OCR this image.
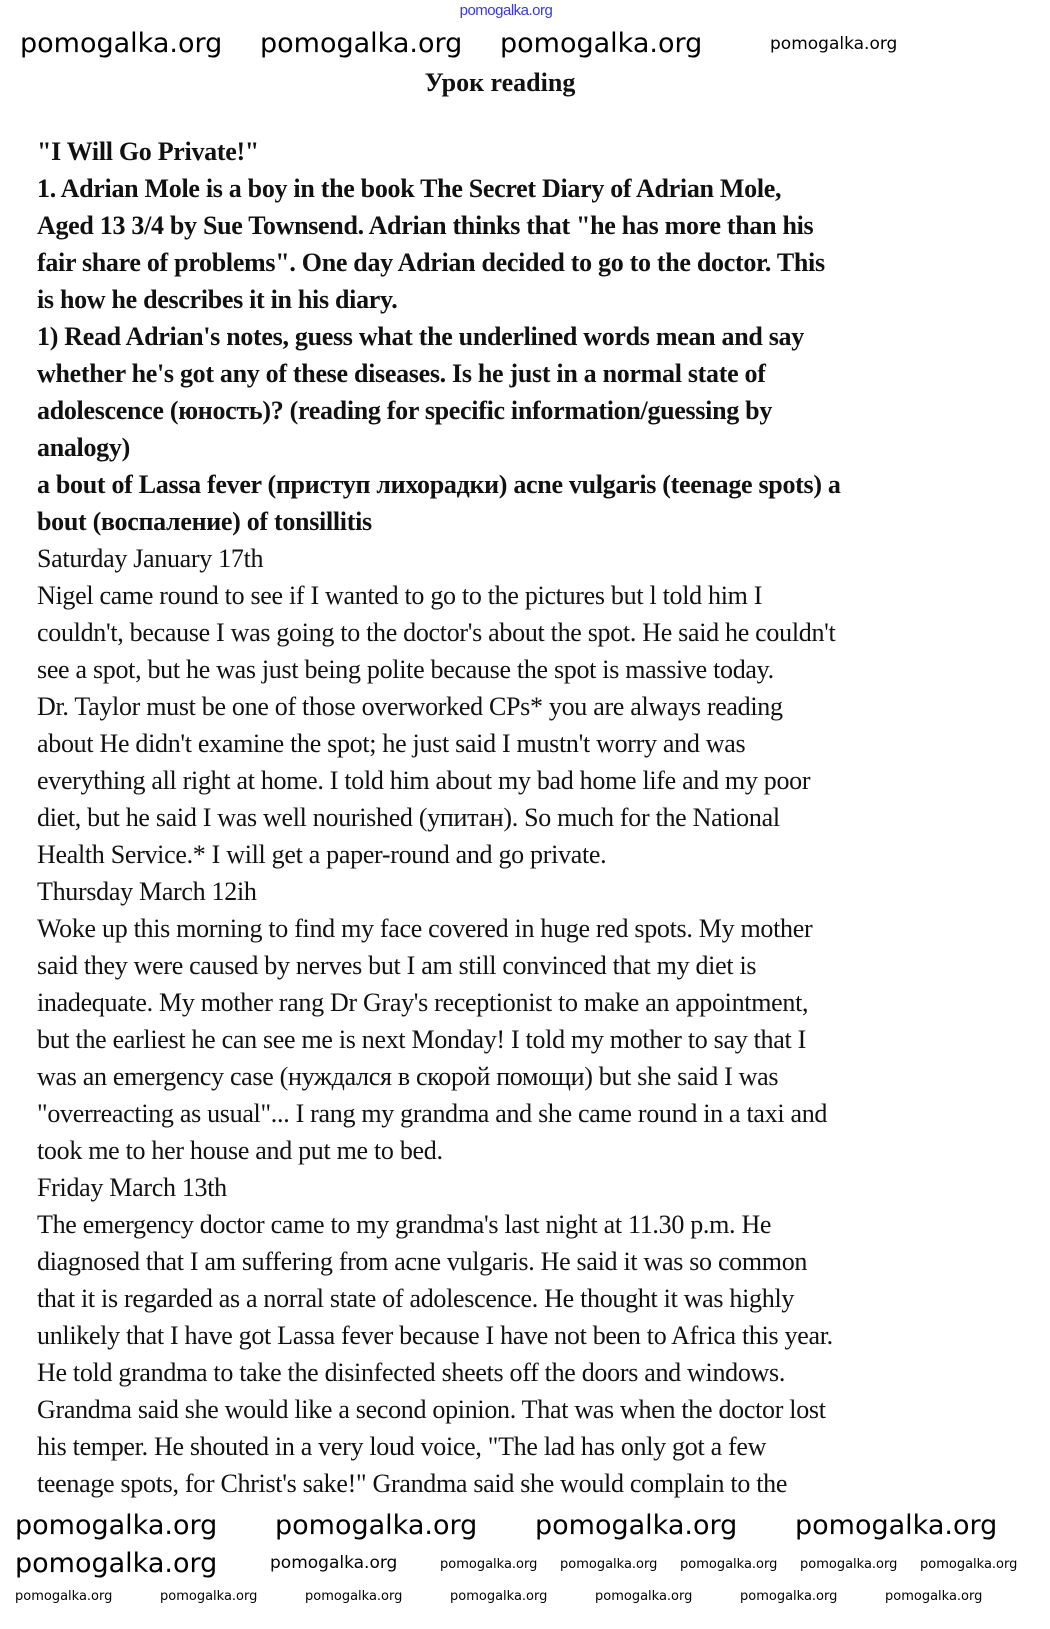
pomogalka.org
Урок reading
"I Will Go Private!"
1. Adrian Mole is a boy in the book The Secret Diary of Adrian Mole,
Aged 13 3/4 by Sue Townsend. Adrian thinks that "he has more than his
fair share of problems". One day Adrian decided to go to the doctor. This
is how he describes it in his diary.
1) Read Adrian's notes, guess what the underlined words mean and say
whether he's got any of these diseases. Is he just in a normal state of
adolescence (юность)? (reading for specific information/guessing by
analogy)
a bout of Lassa fever (приступ лихорадки) acne vulgaris (teenage spots) a
bout (воспаление) of tonsillitis
Saturday January 17th
Nigel came round to see if I wanted to go to the pictures but l told him I
couldn't, because I was going to the doctor's about the spot. He said he couldn't
see a spot, but he was just being polite because the spot is massive today.
Dr. Taylor must be one of those overworked CPs* you are always reading
about He didn't examine the spot; he just said I mustn't worry and was
everything all right at home. I told him about my bad home life and my poor
diet, but he said I was well nourished (упитан). So much for the National
Health Service.* I will get a paper-round and go private.
Thursday March 12ih
Woke up this morning to find my face covered in huge red spots. My mother
said they were caused by nerves but I am still convinced that my diet is
inadequate. My mother rang Dr Gray's receptionist to make an appointment,
but the earliest he can see me is next Monday! I told my mother to say that I
was an emergency case (нуждался в скорой помощи) but she said I was
"overreacting as usual"... I rang my grandma and she came round in a taxi and
took me to her house and put me to bed.
Friday March 13th
The emergency doctor came to my grandma's last night at 11.30 p.m. He
diagnosed that I am suffering from acne vulgaris. He said it was so common
that it is regarded as a norral state of adolescence. He thought it was highly
unlikely that I have got Lassa fever because I have not been to Africa this year.
He told grandma to take the disinfected sheets off the doors and windows.
Grandma said she would like a second opinion. That was when the doctor lost
his temper. He shouted in a very loud voice, "The lad has only got a few
teenage spots, for Christ's sake!" Grandma said she would complain to the
pomogalka.org pomogalka.org pomogalka.org	pomogalka.org
pomogalka.org pomogalka.org pomogalka.org pomogalka.org
pomogalka.org	pomogalka.org	pomogalka.org pomogalka.org pomogalka.org pomogalka.org pomogalka.org
pomogalka.org	pomogalka.org	pomogalka.org	pomogalka.org	pomogalka.org	pomogalka.org	pomogalka.org
